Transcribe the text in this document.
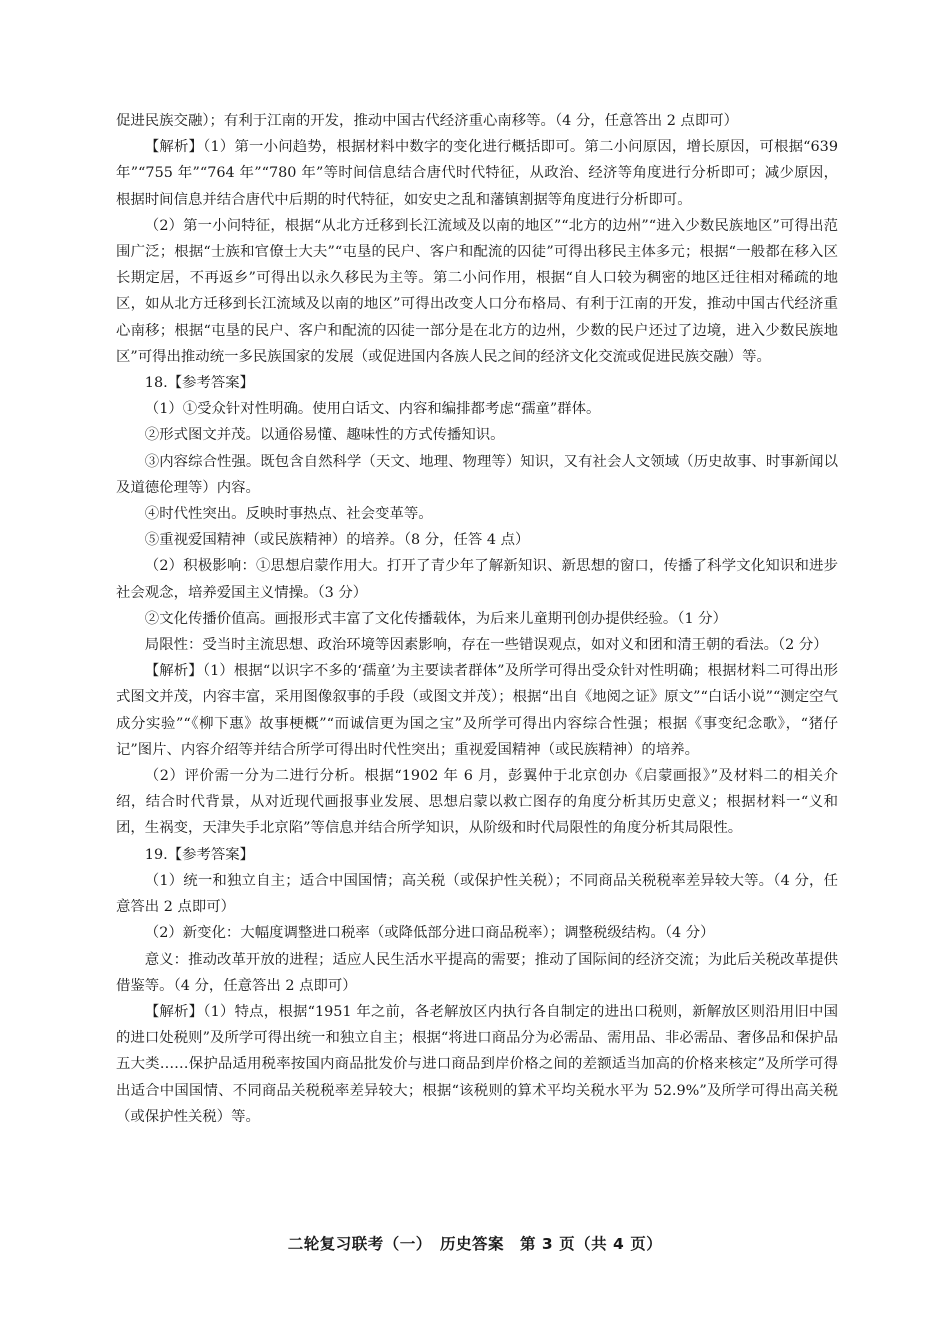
促进民族交融）；有利于江南的开发，推动中国古代经济重心南移等。（4 分，任意答出 2 点即可）

【解析】（1）第一小问趋势，根据材料中数字的变化进行概括即可。第二小问原因，增长原因，可根据“639 年”“755 年”“764 年”“780 年”等时间信息结合唐代时代特征，从政治、经济等角度进行分析即可；减少原因，根据时间信息并结合唐代中后期的时代特征，如安史之乱和藩镇割据等角度进行分析即可。

（2）第一小问特征，根据“从北方迁移到长江流域及以南的地区”“北方的边州”“进入少数民族地区”可得出范围广泛；根据“士族和官僚士大夫”“屯垦的民户、客户和配流的囚徒”可得出移民主体多元；根据“一般都在移入区长期定居，不再返乡”可得出以永久移民为主等。第二小问作用，根据“自人口较为稠密的地区迁往相对稀疏的地区，如从北方迁移到长江流域及以南的地区”可得出改变人口分布格局、有利于江南的开发，推动中国古代经济重心南移；根据“屯垦的民户、客户和配流的囚徒一部分是在北方的边州，少数的民户还过了边境，进入少数民族地区”可得出推动统一多民族国家的发展（或促进国内各族人民之间的经济文化交流或促进民族交融）等。

18.【参考答案】

（1）①受众针对性明确。使用白话文、内容和编排都考虑“孺童”群体。

②形式图文并茂。以通俗易懂、趣味性的方式传播知识。

③内容综合性强。既包含自然科学（天文、地理、物理等）知识，又有社会人文领域（历史故事、时事新闻以及道德伦理等）内容。

④时代性突出。反映时事热点、社会变革等。

⑤重视爱国精神（或民族精神）的培养。（8 分，任答 4 点）

（2）积极影响：①思想启蒙作用大。打开了青少年了解新知识、新思想的窗口，传播了科学文化知识和进步社会观念，培养爱国主义情操。（3 分）

②文化传播价值高。画报形式丰富了文化传播载体，为后来儿童期刊创办提供经验。（1 分）

局限性：受当时主流思想、政治环境等因素影响，存在一些错误观点，如对义和团和清王朝的看法。（2 分）

【解析】（1）根据“以识字不多的‘孺童’为主要读者群体”及所学可得出受众针对性明确；根据材料二可得出形式图文并茂，内容丰富，采用图像叙事的手段（或图文并茂）；根据“出自《地阅之证》原文”“白话小说”“测定空气成分实验”“《柳下惠》故事梗概”“而诚信更为国之宝”及所学可得出内容综合性强；根据《事变纪念歌》，“猪仔记”图片、内容介绍等并结合所学可得出时代性突出；重视爱国精神（或民族精神）的培养。

（2）评价需一分为二进行分析。根据“1902 年 6 月，彭翼仲于北京创办《启蒙画报》”及材料二的相关介绍，结合时代背景，从对近现代画报事业发展、思想启蒙以救亡图存的角度分析其历史意义；根据材料一“义和团，生祸变，天津失手北京陷”等信息并结合所学知识，从阶级和时代局限性的角度分析其局限性。

19.【参考答案】

（1）统一和独立自主；适合中国国情；高关税（或保护性关税）；不同商品关税税率差异较大等。（4 分，任意答出 2 点即可）

（2）新变化：大幅度调整进口税率（或降低部分进口商品税率）；调整税级结构。（4 分）

意义：推动改革开放的进程；适应人民生活水平提高的需要；推动了国际间的经济交流；为此后关税改革提供借鉴等。（4 分，任意答出 2 点即可）

【解析】（1）特点，根据“1951 年之前，各老解放区内执行各自制定的进出口税则，新解放区则沿用旧中国的进口处税则”及所学可得出统一和独立自主；根据“将进口商品分为必需品、需用品、非必需品、奢侈品和保护品五大类……保护品适用税率按国内商品批发价与进口商品到岸价格之间的差额适当加高的价格来核定”及所学可得出适合中国国情、不同商品关税税率差异较大；根据“该税则的算术平均关税水平为 52.9%”及所学可得出高关税（或保护性关税）等。

二轮复习联考（一）　历史答案　第 3 页（共 4 页）
